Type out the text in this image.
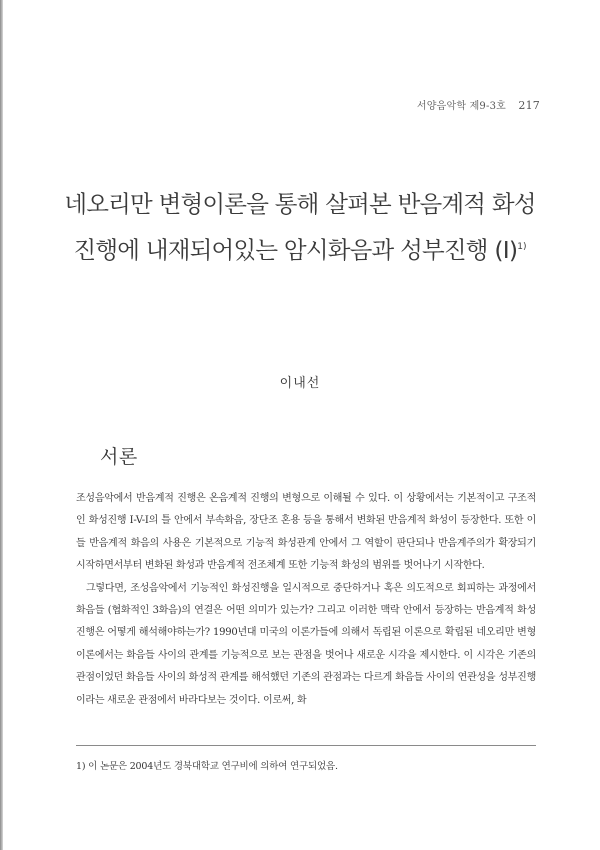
서양음악학 제9-3호 217
네오리만 변형이론을 통해 살펴본 반음계적 화성
진행에 내재되어있는 암시화음과 성부진행 $(I)^{1)}$
이내선
서론

조성음악에서 반음계적 진행은 온음계적 진행의 변형으로 이해될 수 있다. 이 상황에서는 기본적이고 구조적인 화성진행 I-V-I의 틀 안에서 부속화음, 장단조 혼용 등을 통해서 변화된 반음계적 화성이 등장한다. 또한 이들 반음계적 화음의 사용은 기본적으로 기능적 화성관계 안에서 그 역할이 판단되나 반음계주의가 확장되기 시작하면서부터 변화된 화성과 반음계적 전조체계 또한 기능적 화성의 범위를 벗어나기 시작한다.

그렇다면, 조성음악에서 기능적인 화성진행을 일시적으로 중단하거나 혹은 의도적으로 회피하는 과정에서 화음들 (협화적인 3화음)의 연결은 어떤 의미가 있는가? 그리고 이러한 맥락 안에서 등장하는 반음계적 화성진행은 어떻게 해석해야하는가? 1990년대 미국의 이론가들에 의해서 독립된 이론으로 확립된 네오리만 변형이론에서는 화음들 사이의 관계를 기능적으로 보는 관점을 벗어나 새로운 시각을 제시한다. 이 시각은 기존의 관점이었던 화음들 사이의 화성적 관계를 해석했던 기존의 관점과는 다르게 화음들 사이의 연관성을 성부진행이라는 새로운 관점에서 바라다보는 것이다. 이로써, 화

1) 이 논문은 2004년도 경북대학교 연구비에 의하여 연구되었음.
